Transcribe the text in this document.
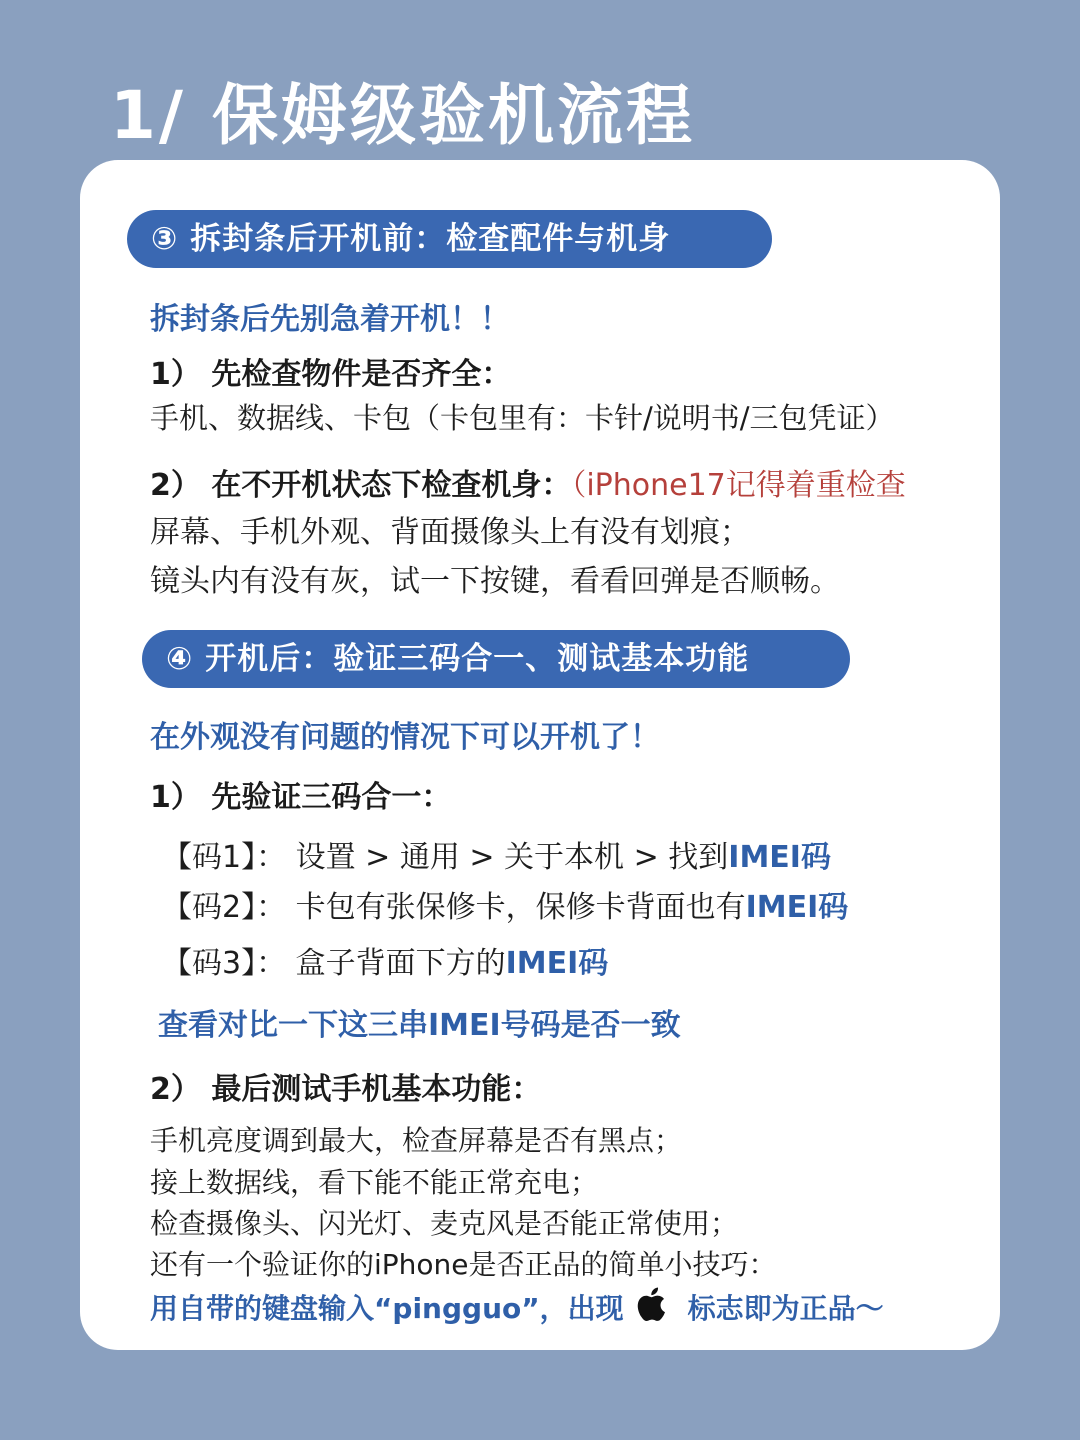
1/ 保姆级验机流程
③ 拆封条后开机前：检查配件与机身
拆封条后先别急着开机！！
1） 先检查物件是否齐全：
手机、数据线、卡包（卡包里有：卡针/说明书/三包凭证）
2） 在不开机状态下检查机身：（iPhone17记得着重检查
屏幕、手机外观、背面摄像头上有没有划痕；
镜头内有没有灰，试一下按键，看看回弹是否顺畅。
④ 开机后：验证三码合一、测试基本功能
在外观没有问题的情况下可以开机了！
1） 先验证三码合一：
【码1】： 设置 > 通用 > 关于本机 > 找到IMEI码
【码2】： 卡包有张保修卡，保修卡背面也有IMEI码
【码3】： 盒子背面下方的IMEI码
查看对比一下这三串IMEI号码是否一致
2） 最后测试手机基本功能：
手机亮度调到最大，检查屏幕是否有黑点；
接上数据线，看下能不能正常充电；
检查摄像头、闪光灯、麦克风是否能正常使用；
还有一个验证你的iPhone是否正品的简单小技巧：
用自带的键盘输入“pingguo”，出现 标志即为正品～
